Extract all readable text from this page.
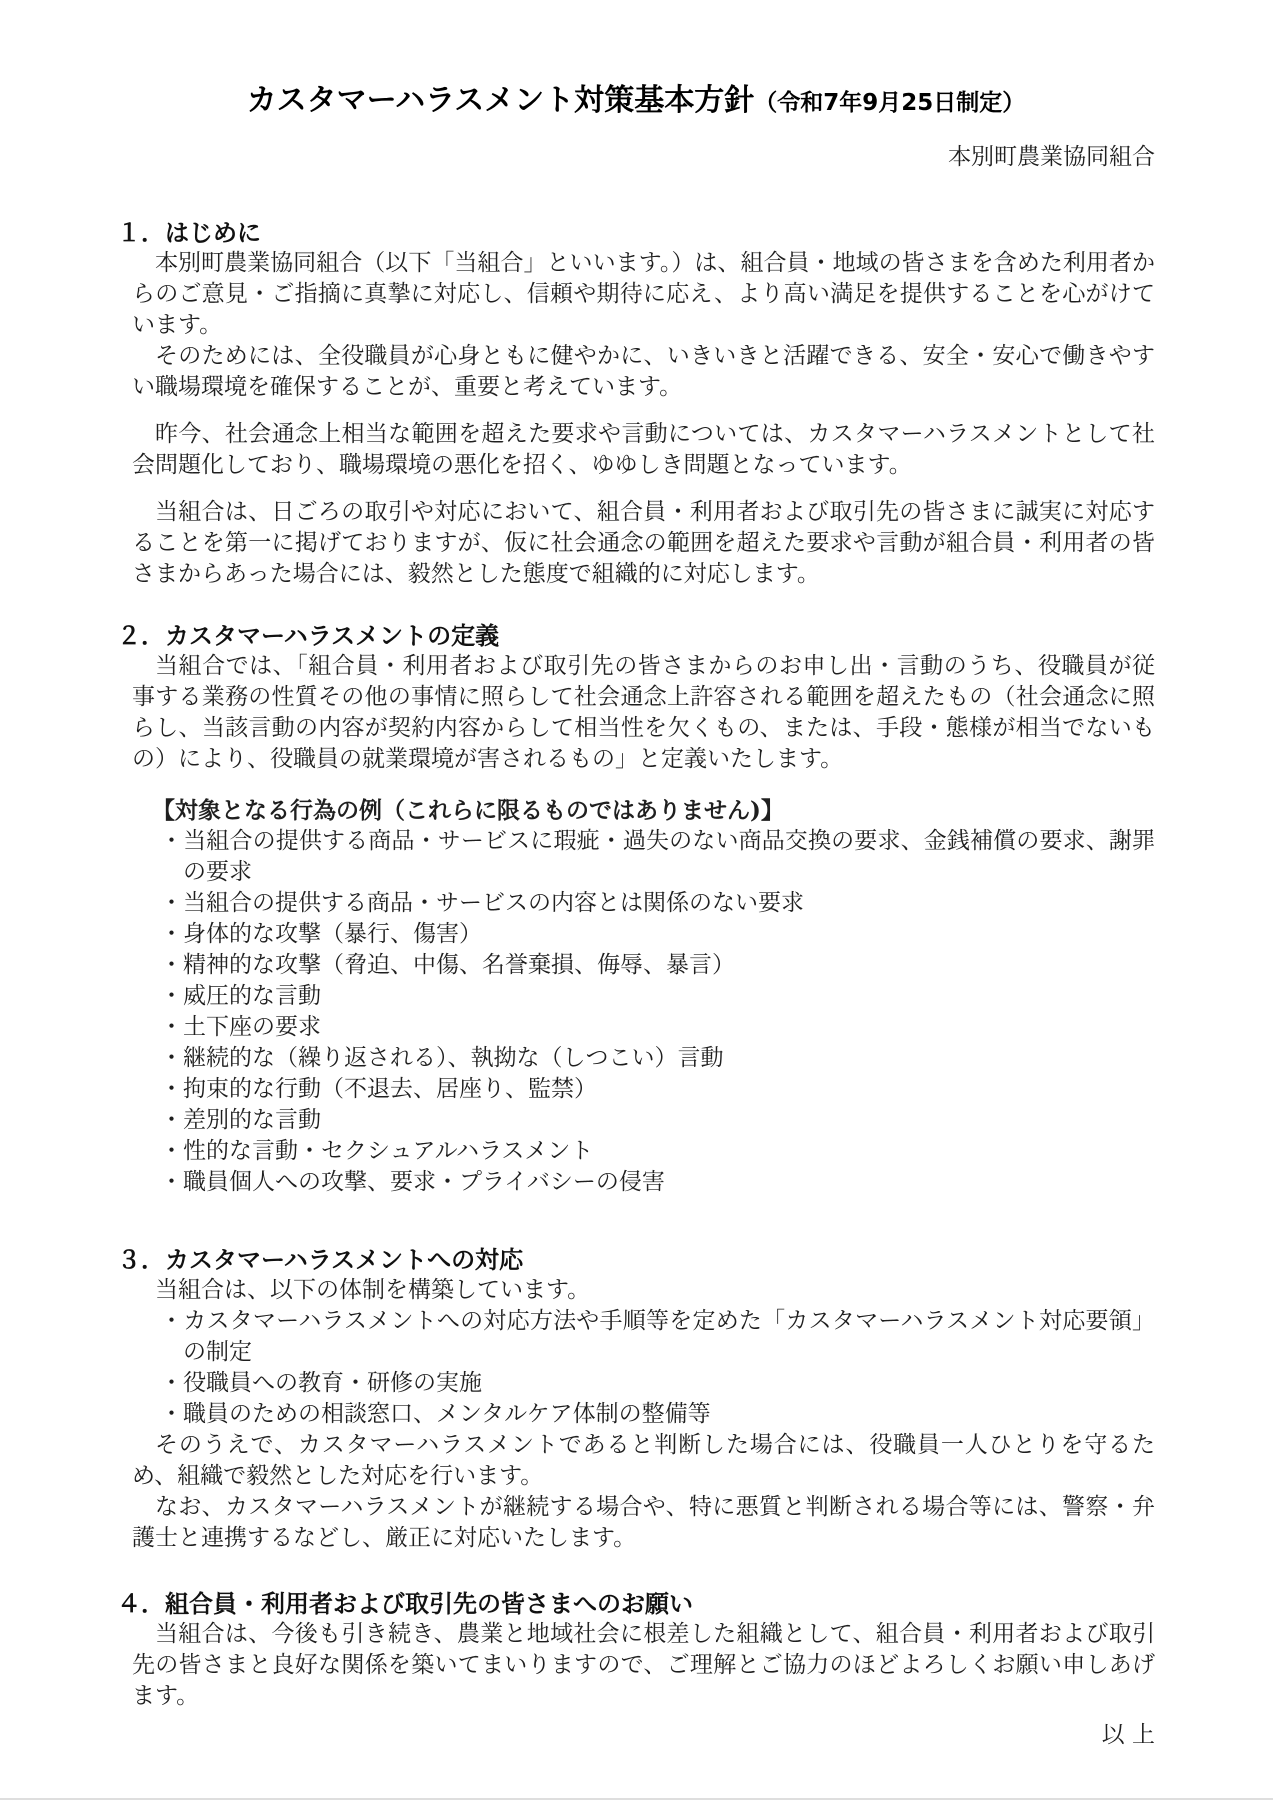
カスタマーハラスメント対策基本方針（令和7年9月25日制定）
本別町農業協同組合
１．はじめに

本別町農業協同組合（以下「当組合」といいます。）は、組合員・地域の皆さまを含めた利用者からのご意見・ご指摘に真摯に対応し、信頼や期待に応え、より高い満足を提供することを心がけています。

そのためには、全役職員が心身ともに健やかに、いきいきと活躍できる、安全・安心で働きやすい職場環境を確保することが、重要と考えています。

昨今、社会通念上相当な範囲を超えた要求や言動については、カスタマーハラスメントとして社会問題化しており、職場環境の悪化を招く、ゆゆしき問題となっています。

当組合は、日ごろの取引や対応において、組合員・利用者および取引先の皆さまに誠実に対応することを第一に掲げておりますが、仮に社会通念の範囲を超えた要求や言動が組合員・利用者の皆さまからあった場合には、毅然とした態度で組織的に対応します。

２．カスタマーハラスメントの定義

当組合では、「組合員・利用者および取引先の皆さまからのお申し出・言動のうち、役職員が従事する業務の性質その他の事情に照らして社会通念上許容される範囲を超えたもの（社会通念に照らし、当該言動の内容が契約内容からして相当性を欠くもの、または、手段・態様が相当でないもの）により、役職員の就業環境が害されるもの」と定義いたします。

【対象となる行為の例（これらに限るものではありません)】
・ 当組合の提供する商品・サービスに瑕疵・過失のない商品交換の要求、金銭補償の要求、謝罪の要求
・ 当組合の提供する商品・サービスの内容とは関係のない要求
・ 身体的な攻撃（暴行、傷害）
・ 精神的な攻撃（脅迫、中傷、名誉棄損、侮辱、暴言）
・ 威圧的な言動
・ 土下座の要求
・ 継続的な（繰り返される）、執拗な（しつこい）言動
・ 拘束的な行動（不退去、居座り、監禁）
・ 差別的な言動
・ 性的な言動・セクシュアルハラスメント
・ 職員個人への攻撃、要求・プライバシーの侵害
３．カスタマーハラスメントへの対応

当組合は、以下の体制を構築しています。

・ カスタマーハラスメントへの対応方法や手順等を定めた「カスタマーハラスメント対応要領」の制定
・ 役職員への教育・研修の実施
・ 職員のための相談窓口、メンタルケア体制の整備等

そのうえで、カスタマーハラスメントであると判断した場合には、役職員一人ひとりを守るため、組織で毅然とした対応を行います。

なお、カスタマーハラスメントが継続する場合や、特に悪質と判断される場合等には、警察・弁護士と連携するなどし、厳正に対応いたします。

４．組合員・利用者および取引先の皆さまへのお願い

当組合は、今後も引き続き、農業と地域社会に根差した組織として、組合員・利用者および取引先の皆さまと良好な関係を築いてまいりますので、ご理解とご協力のほどよろしくお願い申しあげます。

以 上
